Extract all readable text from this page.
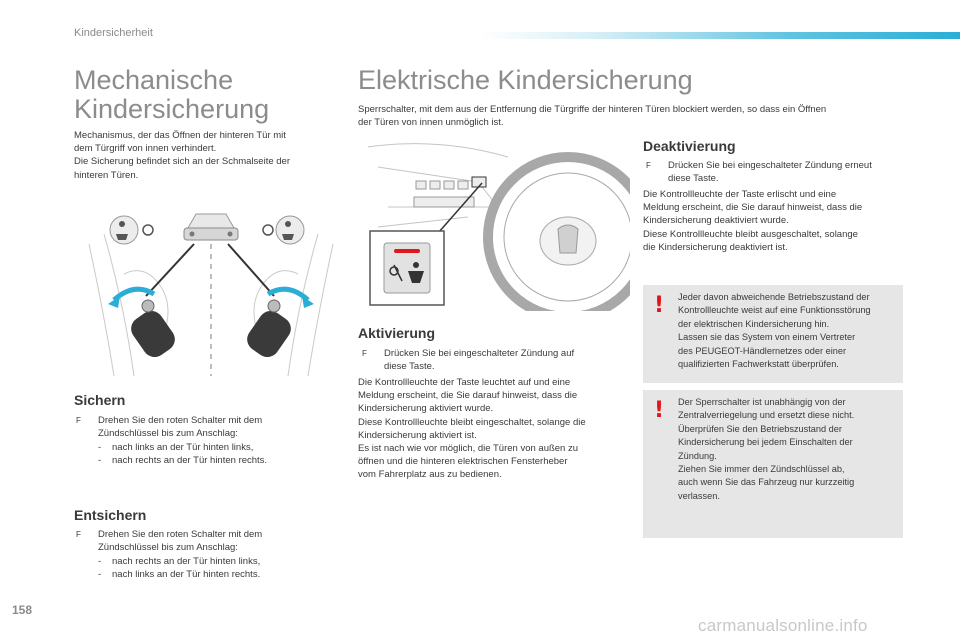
Kindersicherheit
Mechanische
Kindersicherung
Mechanismus, der das Öffnen der hinteren Tür mit
dem Türgriff von innen verhindert.
Die Sicherung befindet sich an der Schmalseite der
hinteren Türen.
Sichern
F	Drehen Sie den roten Schalter mit dem
Zündschlüssel bis zum Anschlag:
- nach links an der Tür hinten links,
- nach rechts an der Tür hinten rechts.
Entsichern
F	Drehen Sie den roten Schalter mit dem
Zündschlüssel bis zum Anschlag:
- nach rechts an der Tür hinten links,
- nach links an der Tür hinten rechts.
Elektrische Kindersicherung
Sperrschalter, mit dem aus der Entfernung die Türgriffe der hinteren Türen blockiert werden, so dass ein Öffnen
der Türen von innen unmöglich ist.
Aktivierung
F	Drücken Sie bei eingeschalteter Zündung auf
diese Taste.
Die Kontrollleuchte der Taste leuchtet auf und eine
Meldung erscheint, die Sie darauf hinweist, dass die
Kindersicherung aktiviert wurde.
Diese Kontrollleuchte bleibt eingeschaltet, solange die
Kindersicherung aktiviert ist.
Es ist nach wie vor möglich, die Türen von außen zu
öffnen und die hinteren elektrischen Fensterheber
vom Fahrerplatz aus zu bedienen.
Deaktivierung
F	Drücken Sie bei eingeschalteter Zündung erneut
diese Taste.
Die Kontrollleuchte der Taste erlischt und eine
Meldung erscheint, die Sie darauf hinweist, dass die
Kindersicherung deaktiviert wurde.
Diese Kontrollleuchte bleibt ausgeschaltet, solange
die Kindersicherung deaktiviert ist.
! Jeder davon abweichende Betriebszustand der
Kontrollleuchte weist auf eine Funktionsstörung
der elektrischen Kindersicherung hin.
Lassen sie das System von einem Vertreter
des PEUGEOT-Händlernetzes oder einer
qualifizierten Fachwerkstatt überprüfen.
! Der Sperrschalter ist unabhängig von der
Zentralverriegelung und ersetzt diese nicht.
Überprüfen Sie den Betriebszustand der
Kindersicherung bei jedem Einschalten der
Zündung.
Ziehen Sie immer den Zündschlüssel ab,
auch wenn Sie das Fahrzeug nur kurzzeitig
verlassen.
158
carmanualsonline.info
